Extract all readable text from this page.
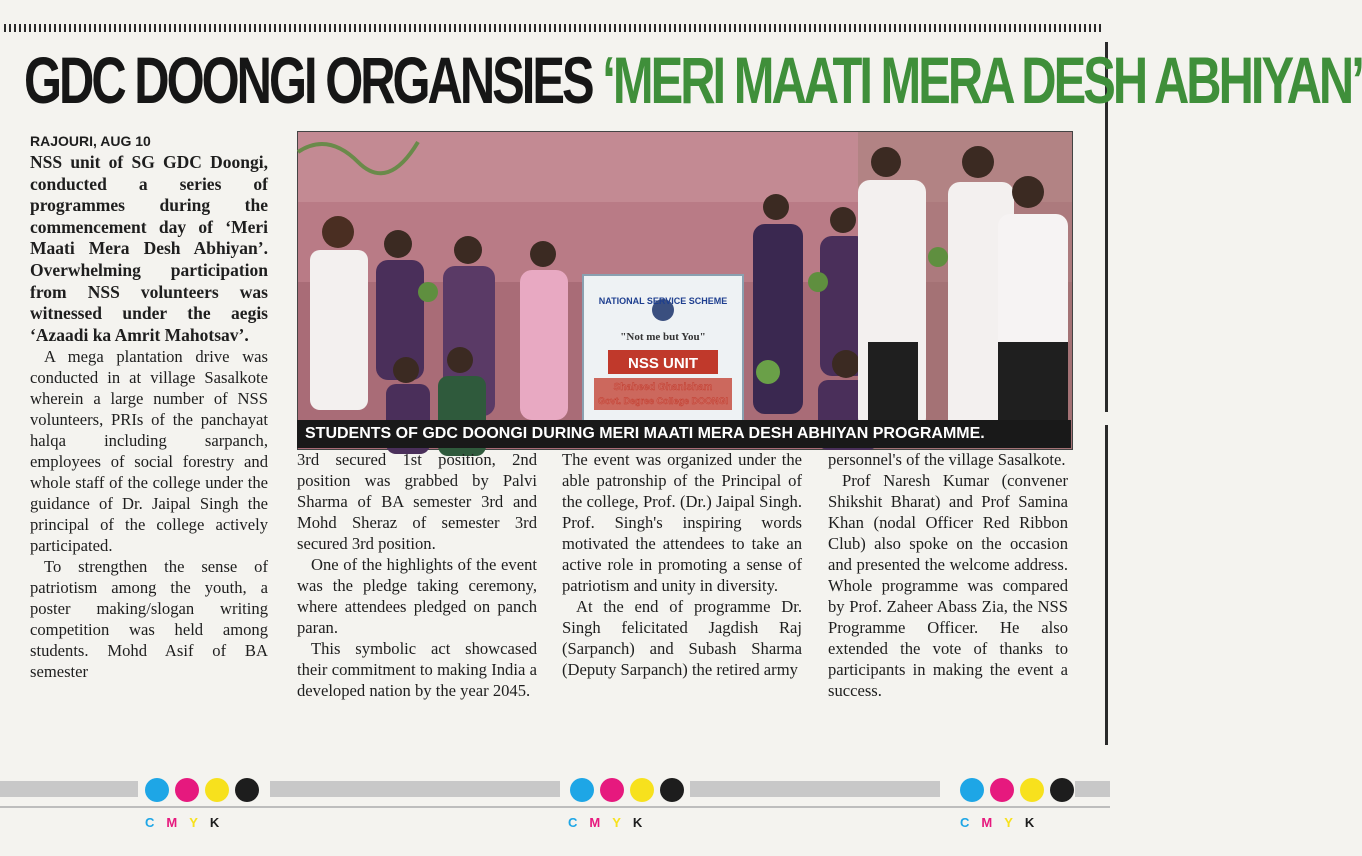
GDC DOONGI ORGANSIES ‘MERI MAATI MERA DESH ABHIYAN’
RAJOURI, AUG 10
NATIONAL SERVICE SCHEME
"Not me but You"
NSS UNIT
STUDENTS OF GDC DOONGI DURING MERI MAATI MERA DESH ABHIYAN PROGRAMME.

NSS unit of SG GDC Doongi, conducted a series of programmes during the commencement day of ‘Meri Maati Mera Desh Abhiyan’. Overwhelming participation from NSS volunteers was witnessed under the aegis ‘Azaadi ka Amrit Mahotsav’.

A mega plantation drive was conducted in at village Sasalkote wherein a large number of NSS volunteers, PRIs of the panchayat halqa including sarpanch, employees of social forestry and whole staff of the college under the guidance of Dr. Jaipal Singh the principal of the college actively participated.

To strengthen the sense of patriotism among the youth, a poster making/slogan writing competition was held among students. Mohd Asif of BA semester

3rd secured 1st position, 2nd position was grabbed by Palvi Sharma of BA semester 3rd and Mohd Sheraz of semester 3rd secured 3rd position.

One of the highlights of the event was the pledge taking ceremony, where attendees pledged on panch paran.

This symbolic act showcased their commitment to making India a developed nation by the year 2045.

The event was organized under the able patronship of the Principal of the college, Prof. (Dr.) Jaipal Singh. Prof. Singh's inspiring words motivated the attendees to take an active role in promoting a sense of patriotism and unity in diversity.

At the end of programme Dr. Singh felicitated Jagdish Raj (Sarpanch) and Subash Sharma (Deputy Sarpanch) the retired army

personnel's of the village Sasalkote.

Prof Naresh Kumar (convener Shikshit Bharat) and Prof Samina Khan (nodal Officer Red Ribbon Club) also spoke on the occasion and presented the welcome address. Whole programme was compared by Prof. Zaheer Abass Zia, the NSS Programme Officer. He also extended the vote of thanks to participants in making the event a success.

CMYK	CMYK	CMYK
